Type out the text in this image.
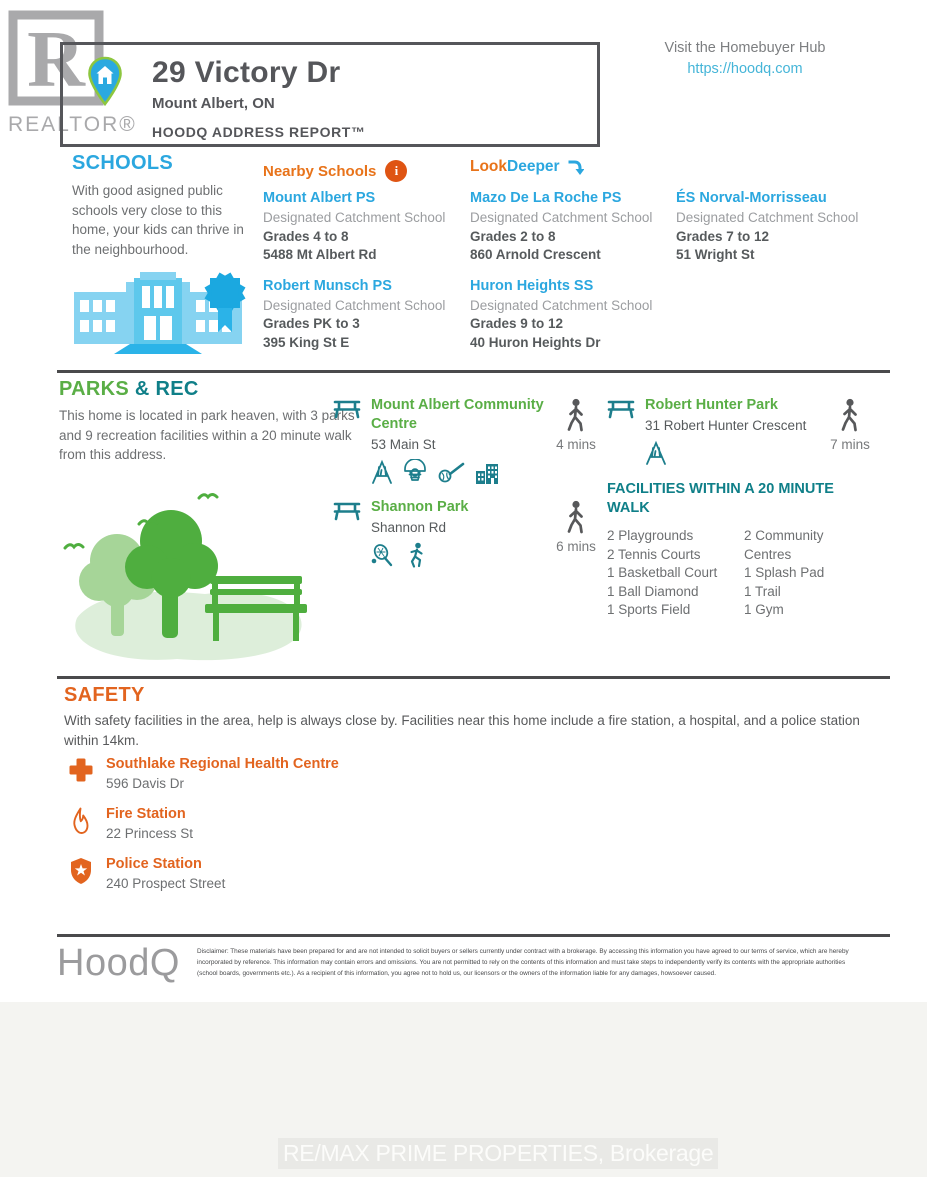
R
REALTOR®
29 Victory Dr
Mount Albert, ON
HOODQ ADDRESS REPORT™
Visit the Homebuyer Hub
https://hoodq.com
SCHOOLS
With good asigned public schools very close to this home, your kids can thrive in the neighbourhood.
Nearby Schools	i	LookDeeper
Mount Albert PS
Designated Catchment School
Grades 4 to 8
5488 Mt Albert Rd
Robert Munsch PS
Designated Catchment School
Grades PK to 3
395 King St E
Mazo De La Roche PS
Designated Catchment School
Grades 2 to 8
860 Arnold Crescent
Huron Heights SS
Designated Catchment School
Grades 9 to 12
40 Huron Heights Dr
ÉS Norval-Morrisseau
Designated Catchment School
Grades 7 to 12
51 Wright St
PARKS & REC
This home is located in park heaven, with 3 parks and 9 recreation facilities within a 20 minute walk from this address.
Mount Albert Community Centre
53 Main St	4 mins
Robert Hunter Park
31 Robert Hunter Crescent
7 mins
Shannon Park
Shannon Rd
6 mins
FACILITIES WITHIN A 20 MINUTE WALK
2 Playgrounds
2 Tennis Courts
1 Basketball Court
1 Ball Diamond
1 Sports Field
2 Community Centres
1 Splash Pad
1 Trail
1 Gym
SAFETY
With safety facilities in the area, help is always close by. Facilities near this home include a fire station, a hospital, and a police station within 14km.
Southlake Regional Health Centre
596 Davis Dr
Fire Station
22 Princess St
Police Station
240 Prospect Street
HoodQ	Disclaimer: These materials have been prepared for and are not intended to solicit buyers or sellers currently under contract with a brokerage. By accessing this information you have agreed to our terms of service, which are hereby incorporated by reference. This information may contain errors and omissions. You are not permitted to rely on the contents of this information and must take steps to independently verify its contents with the appropriate authorities (school boards, governments etc.). As a recipient of this information, you agree not to hold us, our licensors or the owners of the information liable for any damages, howsoever caused.
RE/MAX PRIME PROPERTIES, Brokerage
